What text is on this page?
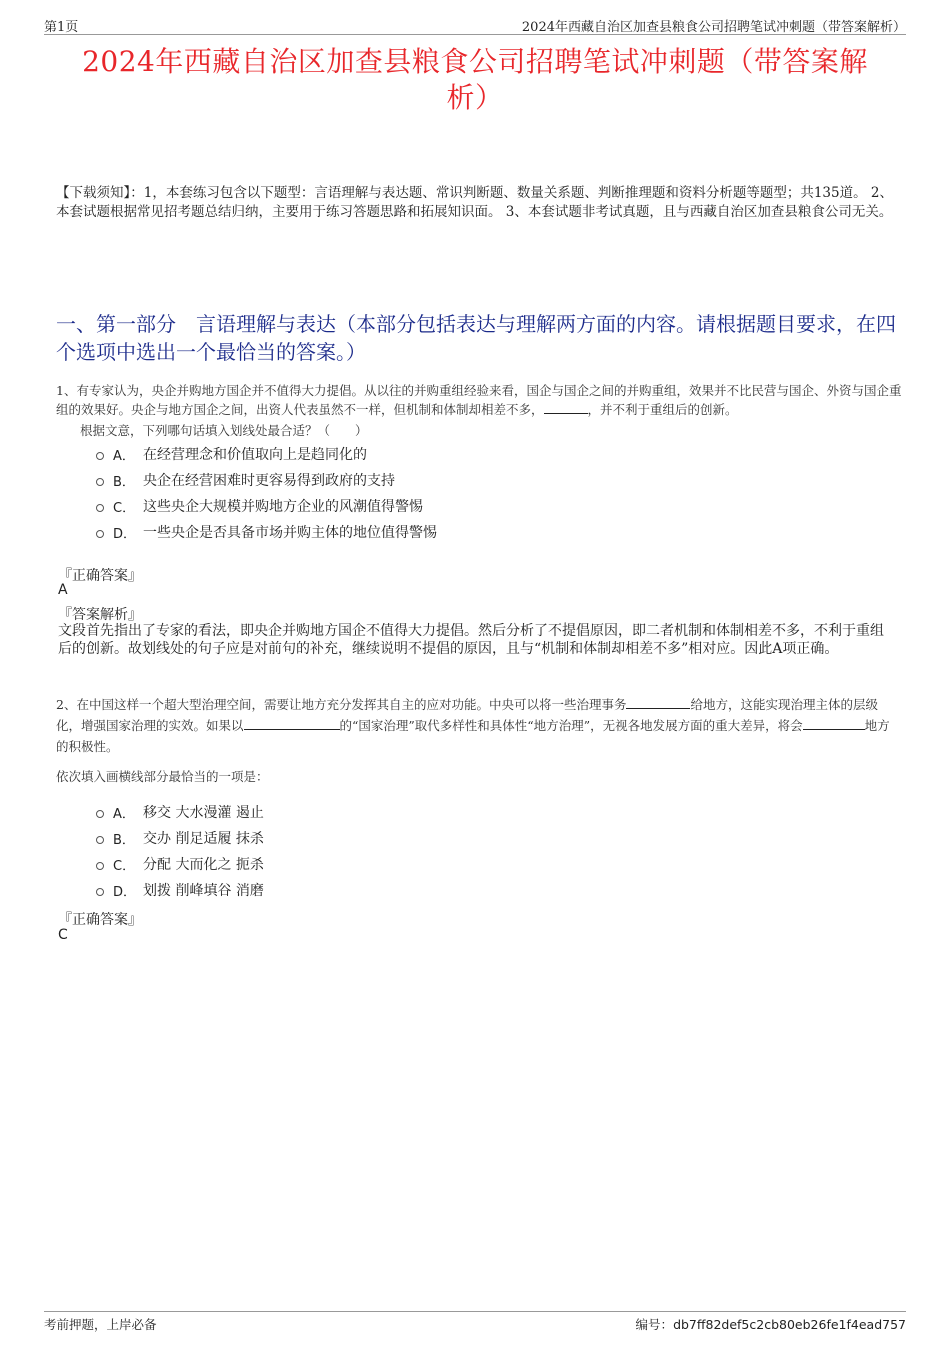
第1页	2024年西藏自治区加查县粮食公司招聘笔试冲刺题（带答案解析）
2024年西藏自治区加查县粮食公司招聘笔试冲刺题（带答案解
析）
【下载须知】：1，本套练习包含以下题型：言语理解与表达题、常识判断题、数量关系题、判断推理题和资料分析题等题型；共135道。 2、本套试题根据常见招考题总结归纳，主要用于练习答题思路和拓展知识面。 3、本套试题非考试真题，且与西藏自治区加查县粮食公司无关。
一、第一部分　言语理解与表达（本部分包括表达与理解两方面的内容。请根据题目要求，在四个选项中选出一个最恰当的答案。）
1、有专家认为，央企并购地方国企并不值得大力提倡。从以往的并购重组经验来看，国企与国企之间的并购重组，效果并不比民营与国企、外资与国企重组的效果好。央企与地方国企之间，出资人代表虽然不一样，但机制和体制却相差不多，	，并不利于重组后的创新。
根据文意，下列哪句话填入划线处最合适？（　　）
A． 在经营理念和价值取向上是趋同化的
B． 央企在经营困难时更容易得到政府的支持
C． 这些央企大规模并购地方企业的风潮值得警惕
D． 一些央企是否具备市场并购主体的地位值得警惕
『正确答案』
A
『答案解析』
文段首先指出了专家的看法，即央企并购地方国企不值得大力提倡。然后分析了不提倡原因，即二者机制和体制相差不多，不利于重组后的创新。故划线处的句子应是对前句的补充，继续说明不提倡的原因，且与“机制和体制却相差不多”相对应。因此A项正确。
2、在中国这样一个超大型治理空间，需要让地方充分发挥其自主的应对功能。中央可以将一些治理事务	给地方，这能实现治理主体的层级化，增强国家治理的实效。如果以	的“国家治理”取代多样性和具体性“地方治理”，无视各地发展方面的重大差异，将会	地方的积极性。
依次填入画横线部分最恰当的一项是：
A． 移交 大水漫灌 遏止
B． 交办 削足适履 抹杀
C． 分配 大而化之 扼杀
D． 划拨 削峰填谷 消磨
『正确答案』
C
考前押题，上岸必备	编号：db7ff82def5c2cb80eb26fe1f4ead757
